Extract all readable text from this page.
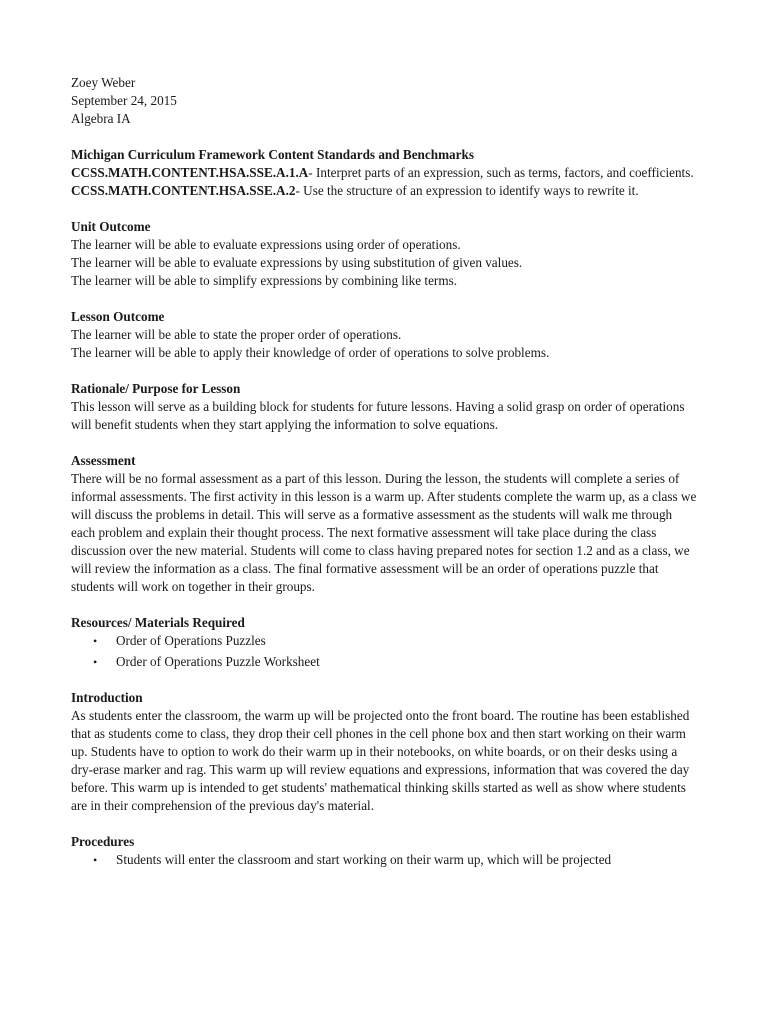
Zoey Weber
September 24, 2015
Algebra IA
Michigan Curriculum Framework Content Standards and Benchmarks

CCSS.MATH.CONTENT.HSA.SSE.A.1.A- Interpret parts of an expression, such as terms, factors, and coefficients.

CCSS.MATH.CONTENT.HSA.SSE.A.2- Use the structure of an expression to identify ways to rewrite it.

Unit Outcome
The learner will be able to evaluate expressions using order of operations.
The learner will be able to evaluate expressions by using substitution of given values.
The learner will be able to simplify expressions by combining like terms.
Lesson Outcome
The learner will be able to state the proper order of operations.
The learner will be able to apply their knowledge of order of operations to solve problems.
Rationale/ Purpose for Lesson

This lesson will serve as a building block for students for future lessons. Having a solid grasp on order of operations will benefit students when they start applying the information to solve equations.

Assessment

There will be no formal assessment as a part of this lesson. During the lesson, the students will complete a series of informal assessments. The first activity in this lesson is a warm up. After students complete the warm up, as a class we will discuss the problems in detail. This will serve as a formative assessment as the students will walk me through each problem and explain their thought process. The next formative assessment will take place during the class discussion over the new material. Students will come to class having prepared notes for section 1.2 and as a class, we will review the information as a class. The final formative assessment will be an order of operations puzzle that students will work on together in their groups.

Resources/ Materials Required
• Order of Operations Puzzles
• Order of Operations Puzzle Worksheet
Introduction

As students enter the classroom, the warm up will be projected onto the front board. The routine has been established that as students come to class, they drop their cell phones in the cell phone box and then start working on their warm up. Students have to option to work do their warm up in their notebooks, on white boards, or on their desks using a dry-erase marker and rag. This warm up will review equations and expressions, information that was covered the day before. This warm up is intended to get students' mathematical thinking skills started as well as show where students are in their comprehension of the previous day's material.

Procedures
• Students will enter the classroom and start working on their warm up, which will be projected
